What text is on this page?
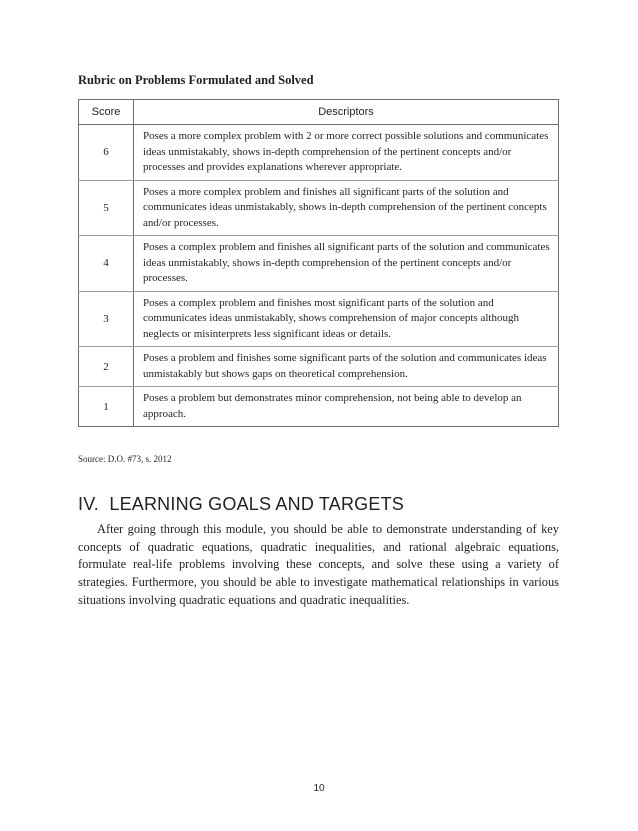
Rubric on Problems Formulated and Solved

Score	Descriptors
6	Poses a more complex problem with 2 or more correct possible solutions and communicates ideas unmistakably, shows in-depth comprehension of the pertinent concepts and/or processes and provides explanations wherever appropriate.
5	Poses a more complex problem and finishes all significant parts of the solution and communicates ideas unmistakably, shows in-depth comprehension of the pertinent concepts and/or processes.
4	Poses a complex problem and finishes all significant parts of the solution and communicates ideas unmistakably, shows in-depth comprehension of the pertinent concepts and/or processes.
3	Poses a complex problem and finishes most significant parts of the solution and communicates ideas unmistakably, shows comprehension of major concepts although neglects or misinterprets less significant ideas or details.
2	Poses a problem and finishes some significant parts of the solution and communicates ideas unmistakably but shows gaps on theoretical comprehension.
1	Poses a problem but demonstrates minor comprehension, not being able to develop an approach.

Source: D.O. #73, s. 2012

IV.  LEARNING GOALS AND TARGETS

After going through this module, you should be able to demonstrate understanding of key concepts of quadratic equations, quadratic inequalities, and rational algebraic equations, formulate real-life problems involving these concepts, and solve these using a variety of strategies. Furthermore, you should be able to investigate mathematical relationships in various situations involving quadratic equations and quadratic inequalities.

10
